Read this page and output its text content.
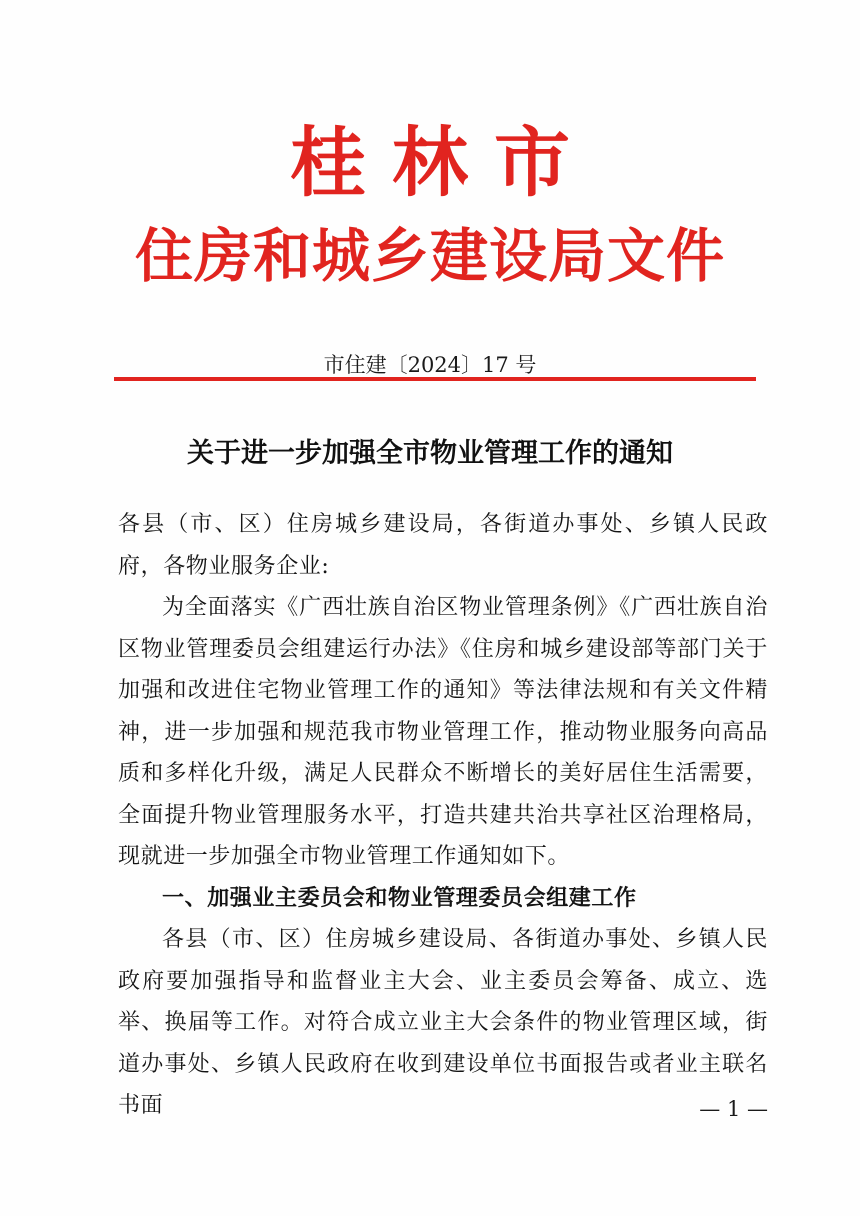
桂林市
住房和城乡建设局文件
市住建〔2024〕17 号
关于进一步加强全市物业管理工作的通知

各县（市、区）住房城乡建设局，各街道办事处、乡镇人民政府，各物业服务企业:

为全面落实《广西壮族自治区物业管理条例》《广西壮族自治区物业管理委员会组建运行办法》《住房和城乡建设部等部门关于加强和改进住宅物业管理工作的通知》等法律法规和有关文件精神，进一步加强和规范我市物业管理工作，推动物业服务向高品质和多样化升级，满足人民群众不断增长的美好居住生活需要，全面提升物业管理服务水平，打造共建共治共享社区治理格局，现就进一步加强全市物业管理工作通知如下。

一、加强业主委员会和物业管理委员会组建工作

各县（市、区）住房城乡建设局、各街道办事处、乡镇人民政府要加强指导和监督业主大会、业主委员会筹备、成立、选举、换届等工作。对符合成立业主大会条件的物业管理区域，街道办事处、乡镇人民政府在收到建设单位书面报告或者业主联名书面	— 1 —
